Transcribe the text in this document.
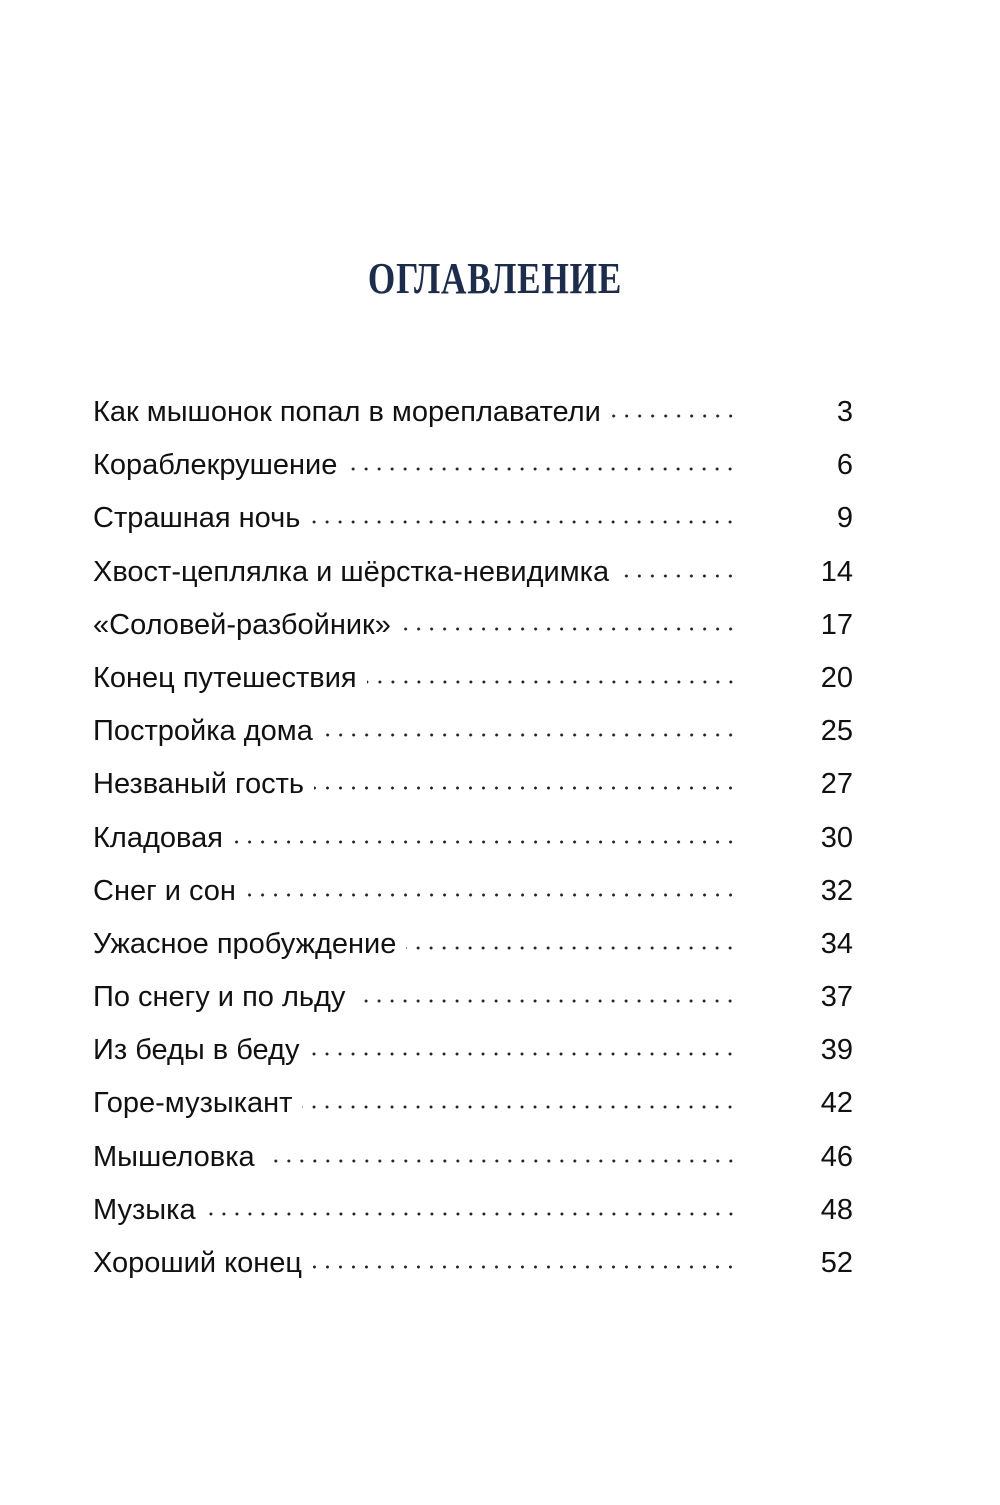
ОГЛАВЛЕНИЕ
Как мышонок попал в мореплаватели	3
Кораблекрушение	6
Страшная ночь	9
Хвост-цеплялка и шёрстка-невидимка	14
«Соловей-разбойник»	17
Конец путешествия	20
Постройка дома	25
Незваный гость	27
Кладовая	30
Снег и сон	32
Ужасное пробуждение	34
По снегу и по льду	37
Из беды в беду	39
Горе-музыкант	42
Мышеловка	46
Музыка	48
Хороший конец	52
